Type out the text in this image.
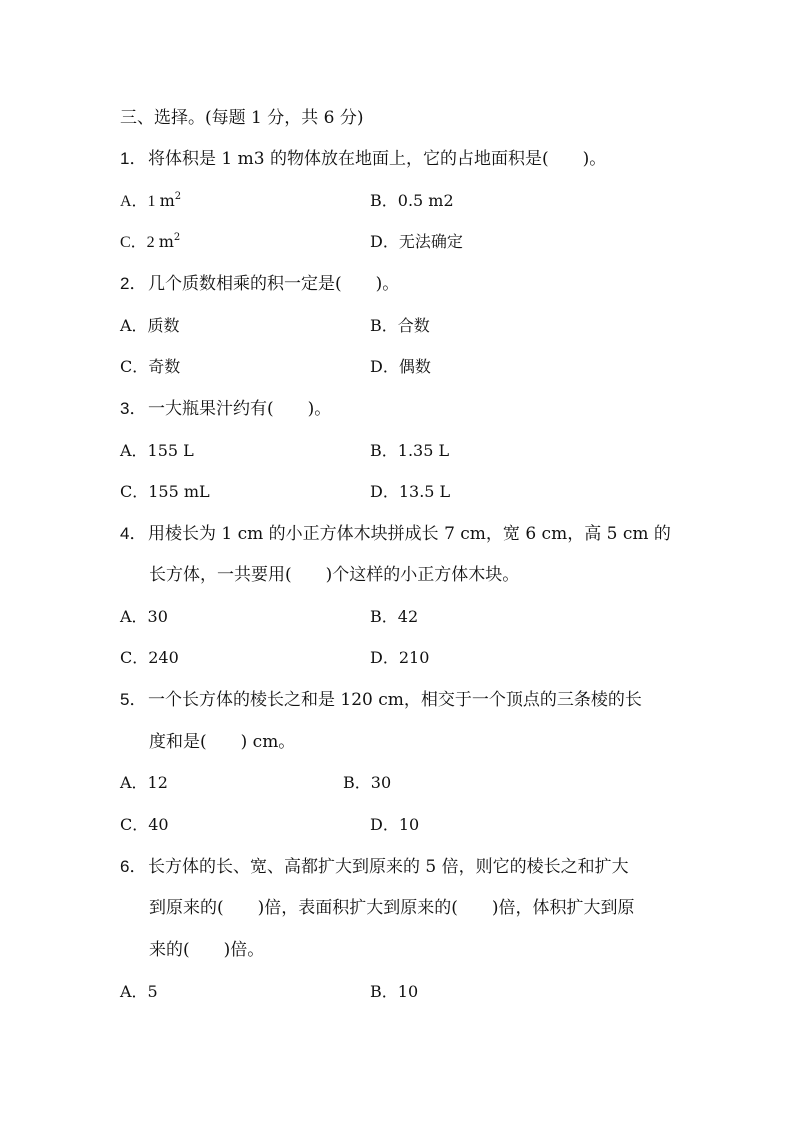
三、选择。(每题 1 分，共 6 分)
1．将体积是 1 m3 的物体放在地面上，它的占地面积是(　　)。
A．1 $m^2$	B．0.5 m2
C．2 $m^2$	D．无法确定
2．几个质数相乘的积一定是(　　)。
A．质数	B．合数
C．奇数	D．偶数
3．一大瓶果汁约有(　　)。
A．155 L	B．1.35 L
C．155 mL	D．13.5 L
4．用棱长为 1 cm 的小正方体木块拼成长 7 cm，宽 6 cm，高 5 cm 的
长方体，一共要用(　　)个这样的小正方体木块。
A．30	B．42
C．240	D．210
5．一个长方体的棱长之和是 120 cm，相交于一个顶点的三条棱的长
度和是(　　) cm。
A．12	B．30
C．40	D．10
6．长方体的长、宽、高都扩大到原来的 5 倍，则它的棱长之和扩大
到原来的(　　)倍，表面积扩大到原来的(　　)倍，体积扩大到原
来的(　　)倍。
A．5	B．10
